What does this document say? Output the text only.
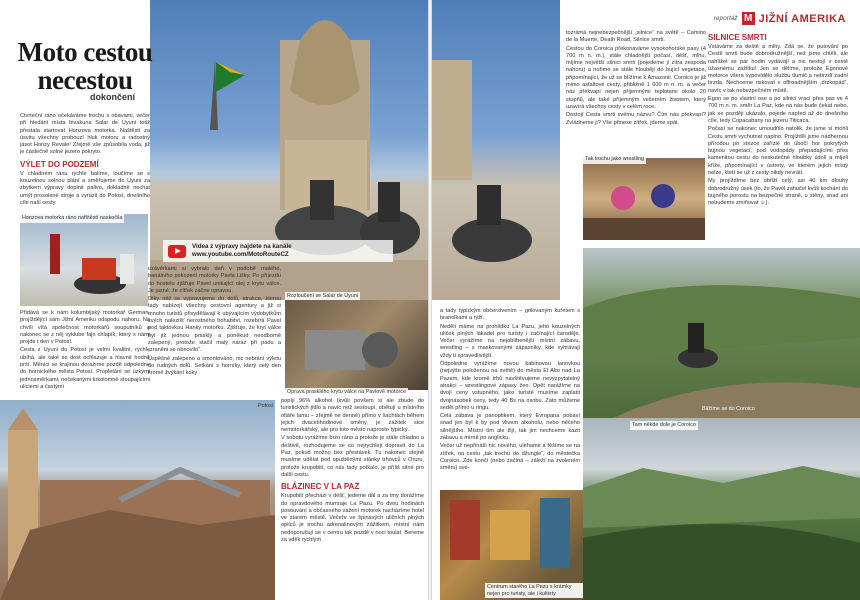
Videa z výpravy najdete na kanále
www.youtube.com/MotoRouteCZ
Rozloučení se Salar de Uyuni
Moto cestou necestou
dokončení

Čtvrteční ráno očekáváme trochu s obavami, večer při hledání místa bivakuna Salar de Uyuni totiž přestala startovat Honzova motorka. Naštěstí za úsvitu všechny probouzí hluk motoru a radostný jásot Honzy Revale! Zřejmě vše způsobila voda, již je částečně solné jezero pokryto.

VÝLET DO PODZEMÍ

V chladném ránu rychle balíme, loučíme se s kouzelnou solnou plání a směřujeme do Uyuni za zbytkem výpravy doplnit palivo, dokládně nechat umýt prosolené stroje a vyrazit do Potosí, dnešního cíle naší cesty.

Honzova motorka ráno nafštěstí naskočila

Přidává se k nám kolumbijský motorkář German, projíždějící sám Jižní Ameriku odspodu nahoru. Na chvíli vítá společnost motorkářů souputníků a nakonec se z něj vyklube fajn chlapík, který s námi projde i den v Potosí.

Cesta z Uyuni do Potosí je velmi kvalitní, rychle ubíhá, ale také se dost ochlazuje a hlavně hodně prší. Měníci se krajinou dorážíme pozdě odpoledne do hornického města Potosí. Propletání se úzkými jednosměrkami, nečekanými krkolomně stoupajícími uliciemi a častými

uzávěrkami si vybralo daň v podobě malého, banálního pokození motorky Pavla Lišky. Po příjezdu do hostelu zjišťuje Pavel unikající olej z krytu válce. Je jasné, že zítřek začne opravou.

Díky něž se vypravujeme do dolů, atrakce, kterou tady nabízejí všechny cestovní agentury a již si mnoho turistů přivydělávají k ubývajícím výdobytkům svých nalezišť nerostného bohatství, rozebírá Pavel pod taktovkou Hanky motorku. Zjišťuje, že kryt válce byl již jednou prasklý a poněkud neodborně zalepený, protože stačil malý náraz při pádu a „zraněni se obnovilo“.

Úspěšně zalepeno a smontováno, nic nebrání výletu do rudných dolů. Setkání s horníky, který celý den kromě žvýkání koky

Oprava prasklého krytu válce na Pavlově motorce
Potosí

popíjí 96% alkohol (kvůli povšem si ale zbude do turistických jídlo a navíc než sestoupí, obětují u místního oltáře lamu – zřejmě ne denně) přímo v šachtách během jejich dvacetihodinové směny, je zážitek sice nemotorkářský, ale pro toto město naprosto typický.

V sobotu vyrážíme brzo ráno a protože je stále chladno a deštivě, rozhodujeme se co nejrychleji dopravit do La Paz, pokud možno bez přestávek. Tu nakonec stejně musíme udělat pod opuštěnými stánky trhovců v Oruru, protože krupobití, co nás tady potkalo, je příliš silné pro další cestu.

BLÁZINEC V LA PAZ

Krupobití přechází v déšť, jedeme dál a za tmy dorážíme do opravdového mumraje La Pazu. Po dvou hodinách posouvání a občasného važení motorek nacházíme hotel ve starém městě. Večeře ve špinavých uličních plných opilců je trochu adrenalinovým zážitkem, místní nám nedoporučují se v centru tak pozdě v noci toulat. Bereme za vděk rychlým

reportáž M JIŽNÍ AMERIKA

tozrámá nejnebezpečnější „silnice“ na světě – Camino de la Muerte, Death Road, Silnice smrti.

Cestou do Coroica překonáváme vysokohorské pasy (4 700 m n. m.), stále chladnější počasí, déšť, mlhu, míjíme největší silnici smrti (pojedeme ji zítra zespoda nahoru) a nořime se stále hlouběji do bující vegetace, připomínající, že už se blížíme k Amazonii. Coroico je již mimo asfaltové cesty, přibližně 1 600 m n. m. a večer nás překvapí nejen příjemnými teplotami okolo 20 stupňů, ale také příjemným večerním životem, který uzavírá všechny cesty v celém roce.

Dostojí Cesta smrti svému názvu? Čím nás překvapí? Zvládneme ji? Vše přinese zítřek, jdeme spát.

Tak trochu jako wrestling
SILNICE SMRTI

Vstáváme za deště a mlhy. Zdá se, že putování po Cestě smrti bude dobrodružnější, než jsme chtěli, ale nahlížet se pár hodin vydávají a nic nestojí v cestě úžasnému zážitku! Jen se dělíme, protože Egonové motorce všera vypovídělo službu tlumič a nebrzdí zadní brzda. Nechceme riskovat v offroadnějším „drzkopád“, navíc v tak nebezpečném místě.

Egon se po vlastní ose a po silnici vrací přes pas ve 4 700 m n. m. směr La Paz, kde na nás bude čekat nebo, jak se později ukázalo, pojede napřed až do dnešního cíle, tedy Copacabany na jezeru Titicaca.

Počasí se nakonec umoudřilo natolik, že jsme si mohli Cestu smrti vychutnat naplno. Projíždíli jsme nádhernou přírodou po stezce zařízlé do úbočí hor pokrytých bujnou vegetací, pod vodopády přepadajícími přes kamenitou cestu do neskutečné hloubky údolí a míjeli kříže, připomínající v ústrety, ve kterém jejich místy nelze, ktetí se už z cesty nikdy nevrátí.

My projíždíme bez obtíží celý, asi 40 km dlouhý dobrodružný úsek (to, že Pavel zahučel kvůli kochání do bujného porostu na bezpečné straně, u stěny, snad ani nebudeme zmiňovat ☺).

Blížíme se do Coroico
Tam někde dole je Coroico

a tady typickým občerstvením – grilovaným kuřetem s hranolkami a rýží.

Neděli máme na prohlídku La Pazu, jeho kouzelných uliček plných lákadel pro turisty i začínající čaroděje. Večer vyrážíme na nejoblíbenější místní zábavu, wrestling – s maskovanými zápasníky, kde vyhrávají vždy ti spravedlivější.

Odpoledne vyrážíme novou kabinovou lanovkou (nejvýše položenou na světě) do města El Alto nad La Pazem, kde kromě trhů navštěvujeme nevyzpytatelný atrakci – wrestlingové zápasy žen. Opět narážíme na dvojí ceny vstupného, jako turisté musíme zaplatit dvojnásobek ceny, tedy 40 Bs na osobu. Zato můžeme sedět přímo u ringu.

Celá zábava je panoptikem, který Evropana pobaví snad jen byl k by pod vlivem alkoholu, nebo něčeho silnějšího. Místní tím ale žijí, tak jim nechceme kazit zábavu a mírně po anglicku.

Večer už nepřináší nic nového, ulehame a těšíme se na zítřek, na cestu „tak trochu do džungle“, do městečka Coroico. Zde končí (nebo začíná – záleží na zvoleném směru) své-

Centrum starého La Pazu s krámky nejen pro turisty, ale i kultisty
